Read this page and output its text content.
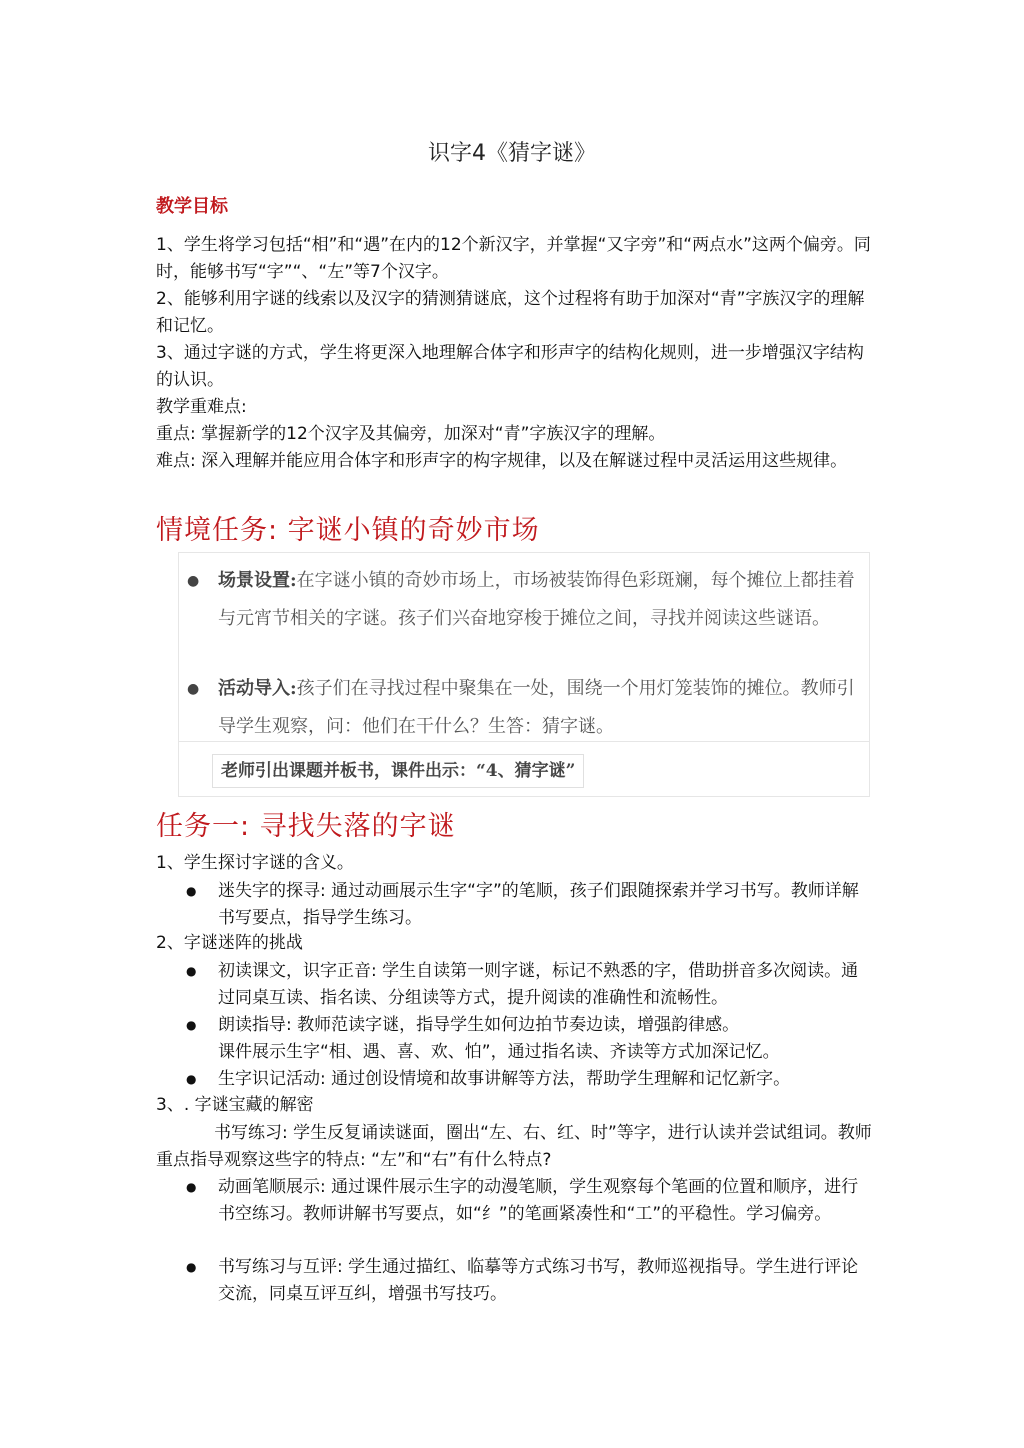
识字4《猜字谜》
教学目标

1、学生将学习包括“相”和“遇”在内的12个新汉字，并掌握“又字旁”和“两点水”这两个偏旁。同时，能够书写“字”“、“左”等7个汉字。

2、能够利用字谜的线索以及汉字的猜测猜谜底，这个过程将有助于加深对“青”字族汉字的理解和记忆。

3、通过字谜的方式，学生将更深入地理解合体字和形声字的结构化规则，进一步增强汉字结构的认识。

教学重难点:

重点: 掌握新学的12个汉字及其偏旁，加深对“青”字族汉字的理解。

难点: 深入理解并能应用合体字和形声字的构字规律，以及在解谜过程中灵活运用这些规律。

情境任务: 字谜小镇的奇妙市场
● 场景设置:在字谜小镇的奇妙市场上，市场被装饰得色彩斑斓，每个摊位上都挂着与元宵节相关的字谜。孩子们兴奋地穿梭于摊位之间，寻找并阅读这些谜语。
● 活动导入:孩子们在寻找过程中聚集在一处，围绕一个用灯笼装饰的摊位。教师引导学生观察，问：他们在干什么？生答：猜字谜。
老师引出课题并板书，课件出示：“4、猜字谜”
任务一: 寻找失落的字谜
1、学生探讨字谜的含义。
● 迷失字的探寻: 通过动画展示生字“字”的笔顺，孩子们跟随探索并学习书写。教师详解书写要点，指导学生练习。
2、字谜迷阵的挑战
● 初读课文，识字正音: 学生自读第一则字谜，标记不熟悉的字，借助拼音多次阅读。通过同桌互读、指名读、分组读等方式，提升阅读的准确性和流畅性。
● 朗读指导: 教师范读字谜，指导学生如何边拍节奏边读，增强韵律感。
课件展示生字“相、遇、喜、欢、怕”，通过指名读、齐读等方式加深记忆。
● 生字识记活动: 通过创设情境和故事讲解等方法，帮助学生理解和记忆新字。
3、. 字谜宝藏的解密
书写练习: 学生反复诵读谜面，圈出“左、右、红、时”等字，进行认读并尝试组词。教师重点指导观察这些字的特点: “左”和“右”有什么特点?
● 动画笔顺展示: 通过课件展示生字的动漫笔顺，学生观察每个笔画的位置和顺序，进行书空练习。教师讲解书写要点，如“纟”的笔画紧凑性和“工”的平稳性。学习偏旁。
● 书写练习与互评: 学生通过描红、临摹等方式练习书写，教师巡视指导。学生进行评论交流，同桌互评互纠，增强书写技巧。
